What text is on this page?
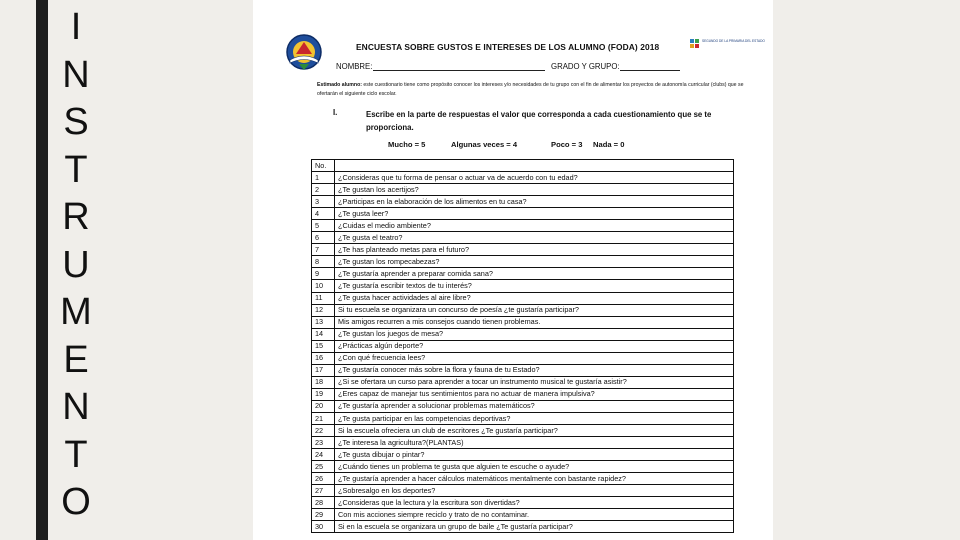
I
N
S
T
R
U
M
E
N
T
O
SEGUNDO DE LA PRIMARIA DEL ESTADO
ENCUESTA SOBRE GUSTOS E INTERESES DE LOS ALUMNO (FODA) 2018
NOMBRE:	GRADO Y GRUPO:
Estimado alumno: este cuestionario tiene como propósito conocer los intereses y/o necesidades de tu grupo con el fin de alimentar los proyectos de autonomía curricular (clubs) que se ofertarán el siguiente ciclo escolar.
I.	Escribe en la parte de respuestas el valor que corresponda a cada cuestionamiento que se te proporciona.
Mucho = 5	Algunas veces = 4	Poco = 3 Nada = 0
No.	
1	¿Consideras que tu forma de pensar o actuar va de acuerdo con tu edad?
2	¿Te gustan los acertijos?
3	¿Participas en la elaboración de los alimentos en tu casa?
4	¿Te gusta leer?
5	¿Cuidas el medio ambiente?
6	¿Te gusta el teatro?
7	¿Te has planteado metas para el futuro?
8	¿Te gustan los rompecabezas?
9	¿Te gustaría aprender a preparar comida sana?
10	¿Te gustaría escribir textos de tu interés?
11	¿Te gusta hacer actividades al aire libre?
12	Si tu escuela se organizara un concurso de poesía ¿te gustaría participar?
13	Mis amigos recurren a mis consejos cuando tienen problemas.
14	¿Te gustan los juegos de mesa?
15	¿Prácticas algún deporte?
16	¿Con qué frecuencia lees?
17	¿Te gustaría conocer más sobre la flora y fauna de tu Estado?
18	¿Si se ofertara un curso para aprender a tocar un instrumento musical te gustaría asistir?
19	¿Eres capaz de manejar tus sentimientos para no actuar de manera impulsiva?
20	¿Te gustaría aprender a solucionar problemas matemáticos?
21	¿Te gusta participar en las competencias deportivas?
22	Si la escuela ofreciera un club de escritores ¿Te gustaría participar?
23	¿Te interesa la agricultura?(PLANTAS)
24	¿Te gusta dibujar o pintar?
25	¿Cuándo tienes un problema te gusta que alguien te escuche o ayude?
26	¿Te gustaría aprender a hacer cálculos matemáticos mentalmente con bastante rapidez?
27	¿Sobresalgo en los deportes?
28	¿Consideras que la lectura y la escritura son divertidas?
29	Con mis acciones siempre reciclo y trato de no contaminar.
30	Si en la escuela se organizara un grupo de baile ¿Te gustaría participar?
